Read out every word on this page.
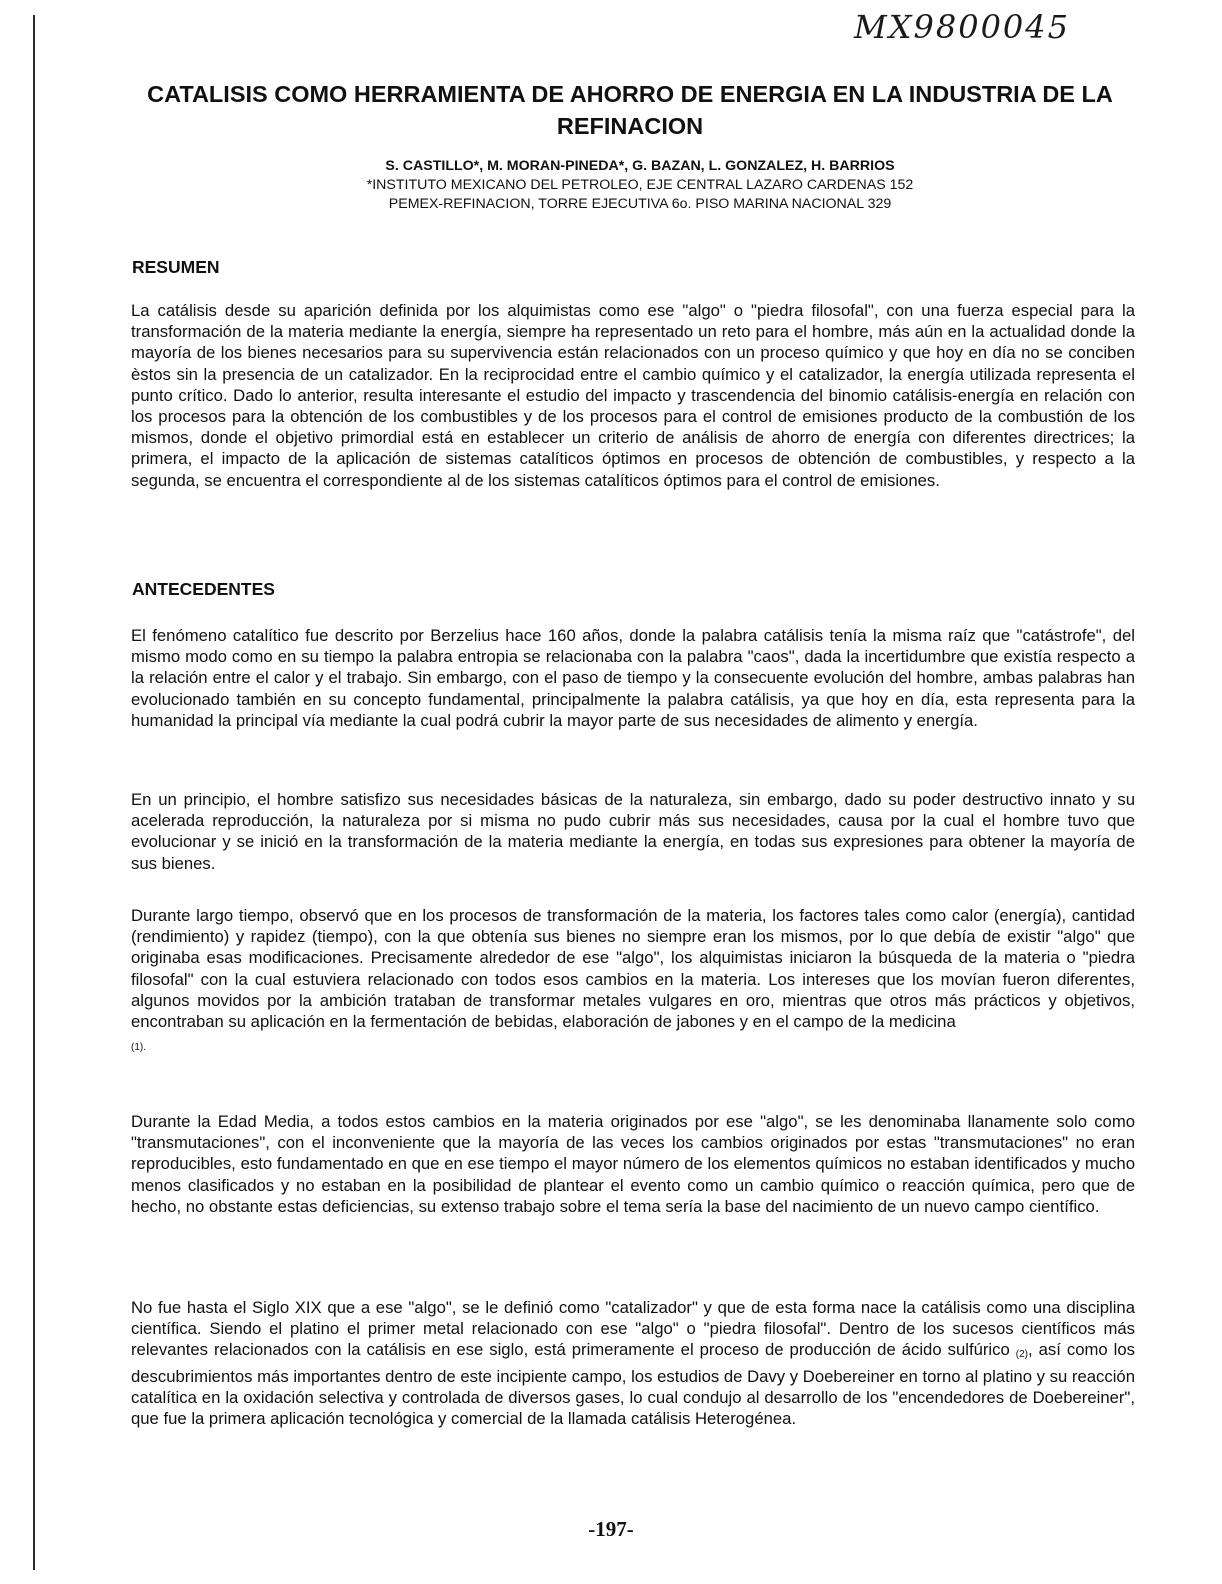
MX9800045
CATALISIS COMO HERRAMIENTA DE AHORRO DE ENERGIA EN LA INDUSTRIA DE LA REFINACION
S. CASTILLO*, M. MORAN-PINEDA*, G. BAZAN, L. GONZALEZ, H. BARRIOS
*INSTITUTO MEXICANO DEL PETROLEO, EJE CENTRAL LAZARO CARDENAS 152
PEMEX-REFINACION, TORRE EJECUTIVA 6o. PISO MARINA NACIONAL 329
RESUMEN

La catálisis desde su aparición definida por los alquimistas como ese "algo" o "piedra filosofal", con una fuerza especial para la transformación de la materia mediante la energía, siempre ha representado un reto para el hombre, más aún en la actualidad donde la mayoría de los bienes necesarios para su supervivencia están relacionados con un proceso químico y que hoy en día no se conciben èstos sin la presencia de un catalizador. En la reciprocidad entre el cambio químico y el catalizador, la energía utilizada representa el punto crítico. Dado lo anterior, resulta interesante el estudio del impacto y trascendencia del binomio catálisis-energía en relación con los procesos para la obtención de los combustibles y de los procesos para el control de emisiones producto de la combustión de los mismos, donde el objetivo primordial está en establecer un criterio de análisis de ahorro de energía con diferentes directrices; la primera, el impacto de la aplicación de sistemas catalíticos óptimos en procesos de obtención de combustibles, y respecto a la segunda, se encuentra el correspondiente al de los sistemas catalíticos óptimos para el control de emisiones.

ANTECEDENTES

El fenómeno catalítico fue descrito por Berzelius hace 160 años, donde la palabra catálisis tenía la misma raíz que "catástrofe", del mismo modo como en su tiempo la palabra entropia se relacionaba con la palabra "caos", dada la incertidumbre que existía respecto a la relación entre el calor y el trabajo. Sin embargo, con el paso de tiempo y la consecuente evolución del hombre, ambas palabras han evolucionado también en su concepto fundamental, principalmente la palabra catálisis, ya que hoy en día, esta representa para la humanidad la principal vía mediante la cual podrá cubrir la mayor parte de sus necesidades de alimento y energía.

En un principio, el hombre satisfizo sus necesidades básicas de la naturaleza, sin embargo, dado su poder destructivo innato y su acelerada reproducción, la naturaleza por si misma no pudo cubrir más sus necesidades, causa por la cual el hombre tuvo que evolucionar y se inició en la transformación de la materia mediante la energía, en todas sus expresiones para obtener la mayoría de sus bienes.

Durante largo tiempo, observó que en los procesos de transformación de la materia, los factores tales como calor (energía), cantidad (rendimiento) y rapidez (tiempo), con la que obtenía sus bienes no siempre eran los mismos, por lo que debía de existir "algo" que originaba esas modificaciones. Precisamente alrededor de ese "algo", los alquimistas iniciaron la búsqueda de la materia o "piedra filosofal" con la cual estuviera relacionado con todos esos cambios en la materia. Los intereses que los movían fueron diferentes, algunos movidos por la ambición trataban de transformar metales vulgares en oro, mientras que otros más prácticos y objetivos, encontraban su aplicación en la fermentación de bebidas, elaboración de jabones y en el campo de la medicina
(1).

Durante la Edad Media, a todos estos cambios en la materia originados por ese "algo", se les denominaba llanamente solo como "transmutaciones", con el inconveniente que la mayoría de las veces los cambios originados por estas "transmutaciones" no eran reproducibles, esto fundamentado en que en ese tiempo el mayor número de los elementos químicos no estaban identificados y mucho menos clasificados y no estaban en la posibilidad de plantear el evento como un cambio químico o reacción química, pero que de hecho, no obstante estas deficiencias, su extenso trabajo sobre el tema sería la base del nacimiento de un nuevo campo científico.

No fue hasta el Siglo XIX que a ese "algo", se le definió como "catalizador" y que de esta forma nace la catálisis como una disciplina científica. Siendo el platino el primer metal relacionado con ese "algo" o "piedra filosofal". Dentro de los sucesos científicos más relevantes relacionados con la catálisis en ese siglo, está primeramente el proceso de producción de ácido sulfúrico (2), así como los descubrimientos más importantes dentro de este incipiente campo, los estudios de Davy y Doebereiner en torno al platino y su reacción catalítica en la oxidación selectiva y controlada de diversos gases, lo cual condujo al desarrollo de los "encendedores de Doebereiner", que fue la primera aplicación tecnológica y comercial de la llamada catálisis Heterogénea.

-197-
